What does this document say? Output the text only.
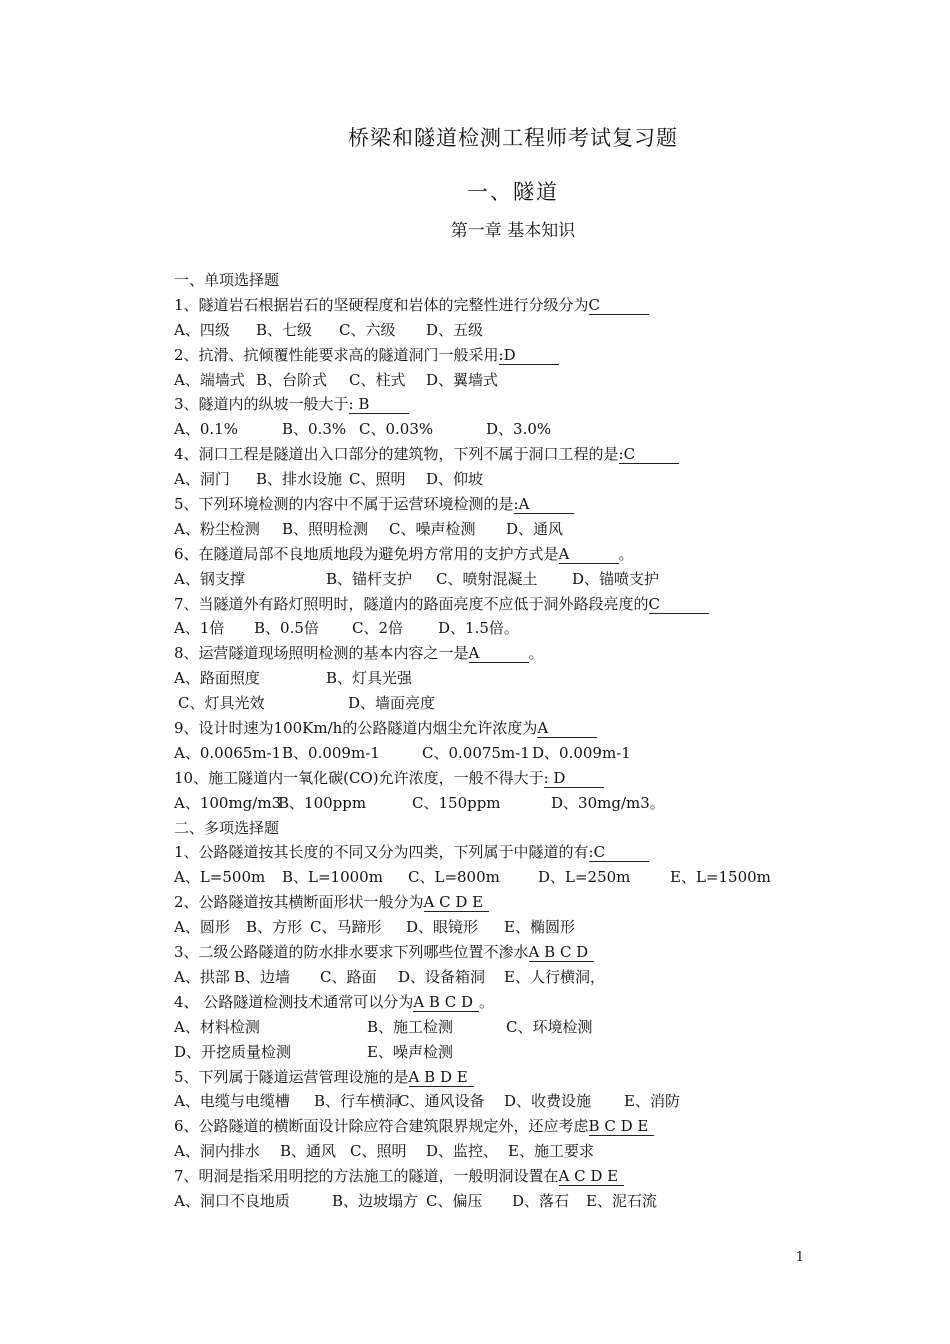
桥梁和隧道检测工程师考试复习题
一、隧道
第一章 基本知识
一、单项选择题
1、隧道岩石根据岩石的坚硬程度和岩体的完整性进行分级分为C
A、四级 B、七级 C、六级 D、五级
2、抗滑、抗倾覆性能要求高的隧道洞门一般采用:D
A、端墙式 B、台阶式 C、柱式 D、翼墙式
3、隧道内的纵坡一般大于: B
A、0.1%	B、0.3% C、0.03%	D、3.0%
4、洞口工程是隧道出入口部分的建筑物，下列不属于洞口工程的是:C
A、洞门 B、排水设施 C、照明 D、仰坡
5、下列环境检测的内容中不属于运营环境检测的是:A
A、粉尘检测 B、照明检测 C、噪声检测 D、通风
6、在隧道局部不良地质地段为避免坍方常用的支护方式是A	。
A、钢支撑	B、锚杆支护 C、喷射混凝土 D、锚喷支护
7、当隧道外有路灯照明时，隧道内的路面亮度不应低于洞外路段亮度的C
A、1倍 B、0.5倍 C、2倍 D、1.5倍。
8、运营隧道现场照明检测的基本内容之一是A	。
A、路面照度	B、灯具光强
C、灯具光效	D、墙面亮度
9、设计时速为100Km/h的公路隧道内烟尘允许浓度为A
A、0.0065m-1 B、0.009m-1	C、0.0075m-1 D、0.009m-1
10、施工隧道内一氧化碳(CO)允许浓度，一般不得大于: D
A、100mg/m3
B、100ppm	C、150ppm	D、30mg/m3。
二、多项选择题
1、公路隧道按其长度的不同又分为四类，下列属于中隧道的有:C
A、L=500m B、L=1000m C、L=800m	D、L=250m	E、L=1500m
2、公路隧道按其横断面形状一般分为A C D E
A、圆形 B、方形 C、马蹄形 D、眼镜形 E、椭圆形
3、二级公路隧道的防水排水要求下列哪些位置不渗水A B C D
A、拱部 B、边墙 C、路面 D、设备箱洞 E、人行横洞，
4、 公路隧道检测技术通常可以分为A B C D 。
A、材料检测	B、施工检测	C、环境检测
D、开挖质量检测	E、噪声检测
5、下列属于隧道运营管理设施的是A B D E
A、电缆与电缆槽 B、行车横洞
C、通风设备 D、收费设施 E、消防
6、公路隧道的横断面设计除应符合建筑限界规定外，还应考虑B C D E
A、洞内排水 B、通风 C、照明 D、监控、 E、施工要求
7、明洞是指采用明挖的方法施工的隧道，一般明洞设置在A C D E
A、洞口不良地质	B、边坡塌方 C、偏压 D、落石 E、泥石流
1
